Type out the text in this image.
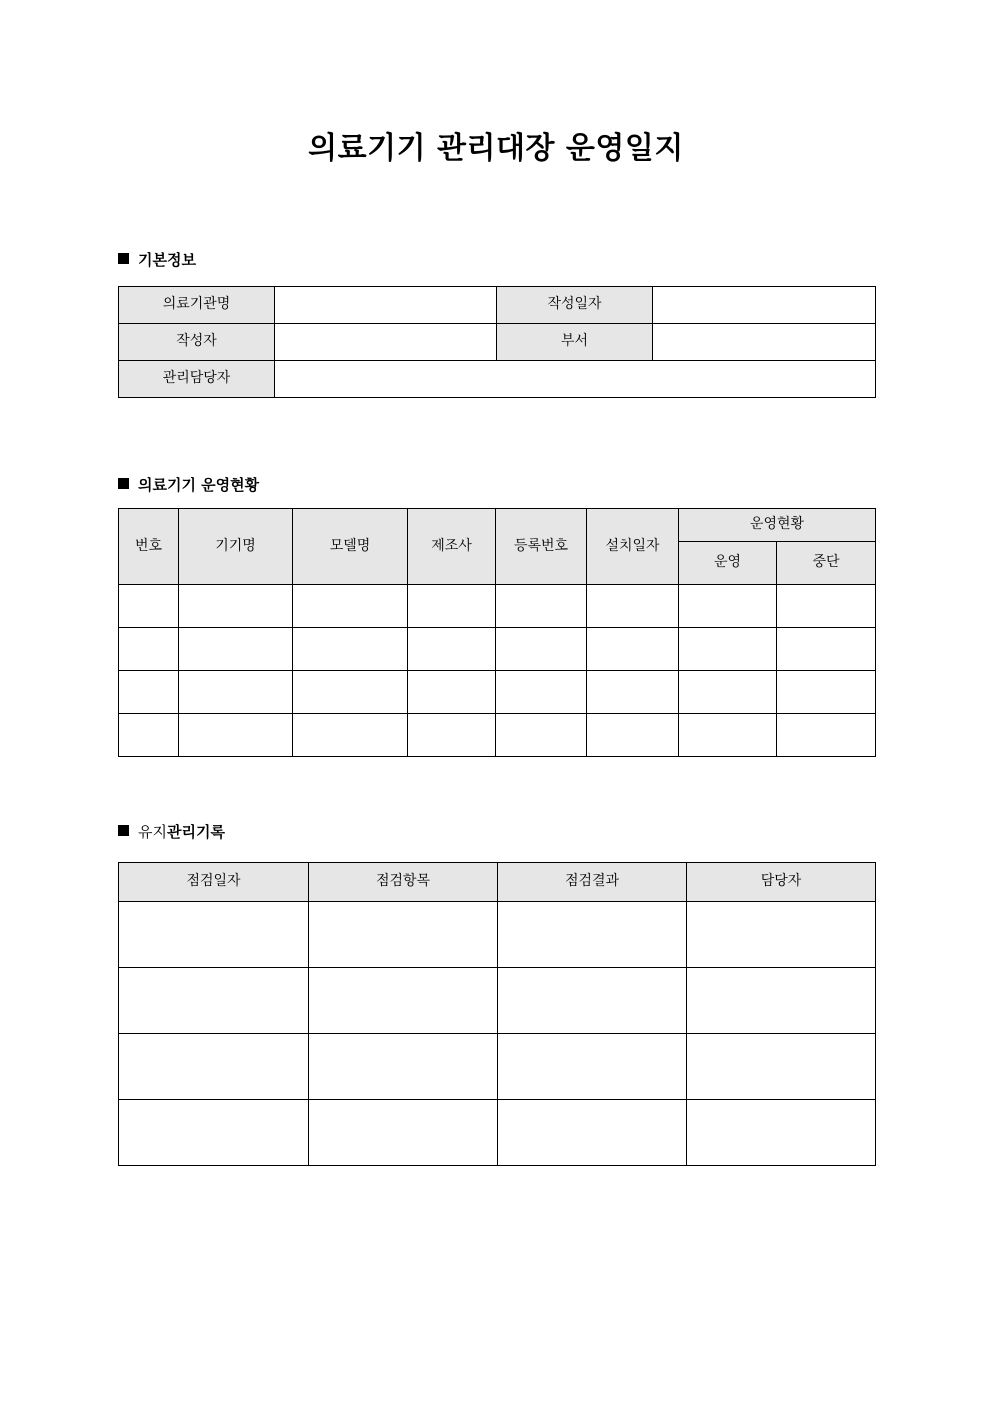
의료기기 관리대장 운영일지
기본정보
의료기관명		작성일자	
작성자		부서	
관리담당자			
의료기기 운영현황
번호	기기명	모델명	제조사	등록번호	설치일자	운영현황	
						운영	중단

유지관리기록
점검일자	점검항목	점검결과	담당자
